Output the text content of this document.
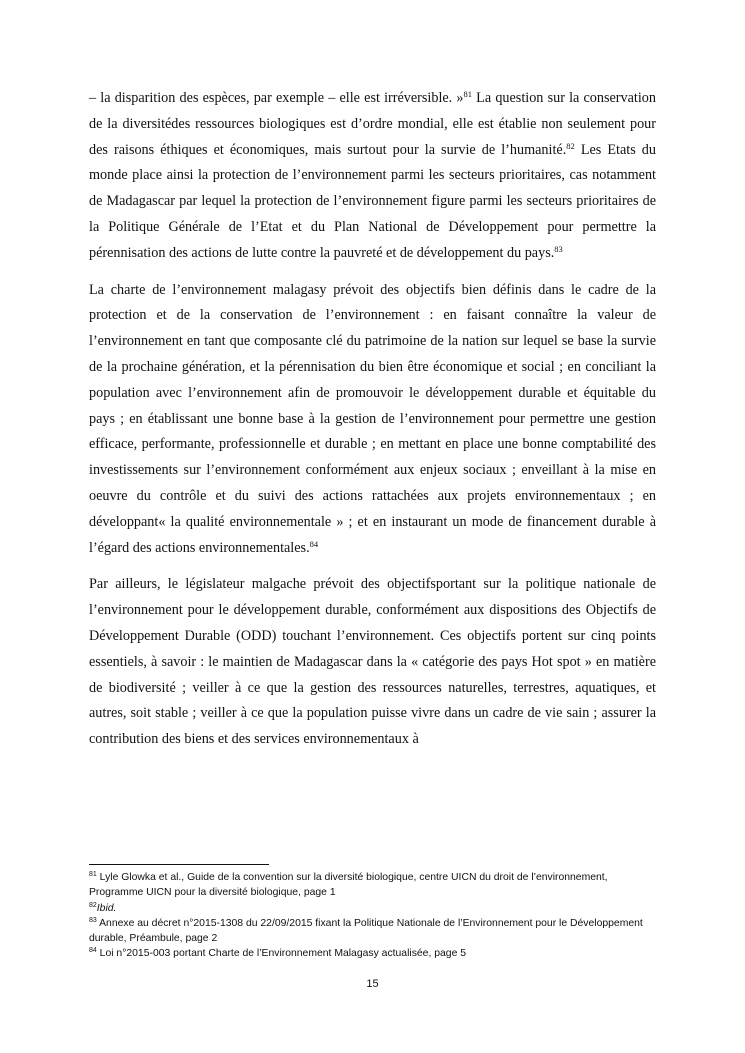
– la disparition des espèces, par exemple – elle est irréversible. »$^{81}$ La question sur la conservation de la diversitédes ressources biologiques est d’ordre mondial, elle est établie non seulement pour des raisons éthiques et économiques, mais surtout pour la survie de l’humanité.$^{82}$ Les Etats du monde place ainsi la protection de l’environnement parmi les secteurs prioritaires, cas notamment de Madagascar par lequel la protection de l’environnement figure parmi les secteurs prioritaires de la Politique Générale de l’Etat et du Plan National de Développement pour permettre la pérennisation des actions de lutte contre la pauvreté et de développement du pays.$^{83}$

La charte de l’environnement malagasy prévoit des objectifs bien définis dans le cadre de la protection et de la conservation de l’environnement : en faisant connaître la valeur de l’environnement en tant que composante clé du patrimoine de la nation sur lequel se base la survie de la prochaine génération, et la pérennisation du bien être économique et social ; en conciliant la population avec l’environnement afin de promouvoir le développement durable et équitable du pays ; en établissant une bonne base à la gestion de l’environnement pour permettre une gestion efficace, performante, professionnelle et durable ; en mettant en place une bonne comptabilité des investissements sur l’environnement conformément aux enjeux sociaux ; enveillant à la mise en oeuvre du contrôle et du suivi des actions rattachées aux projets environnementaux ; en développant« la qualité environnementale » ; et en instaurant un mode de financement durable à l’égard des actions environnementales.$^{84}$

Par ailleurs, le législateur malgache prévoit des objectifsportant sur la politique nationale de l’environnement pour le développement durable, conformément aux dispositions des Objectifs de Développement Durable (ODD) touchant l’environnement. Ces objectifs portent sur cinq points essentiels, à savoir : le maintien de Madagascar dans la « catégorie des pays Hot spot » en matière de biodiversité ; veiller à ce que la gestion des ressources naturelles, terrestres, aquatiques, et autres, soit stable ; veiller à ce que la population puisse vivre dans un cadre de vie sain ; assurer la contribution des biens et des services environnementaux à

$^{81}$ Lyle Glowka et al., Guide de la convention sur la diversité biologique, centre UICN du droit de l’environnement, Programme UICN pour la diversité biologique, page 1
$^{82}$Ibid.
$^{83}$ Annexe au décret n°2015-1308 du 22/09/2015 fixant la Politique Nationale de l’Environnement pour le Développement durable, Préambule, page 2
$^{84}$ Loi n°2015-003 portant Charte de l’Environnement Malagasy actualisée, page 5
15
